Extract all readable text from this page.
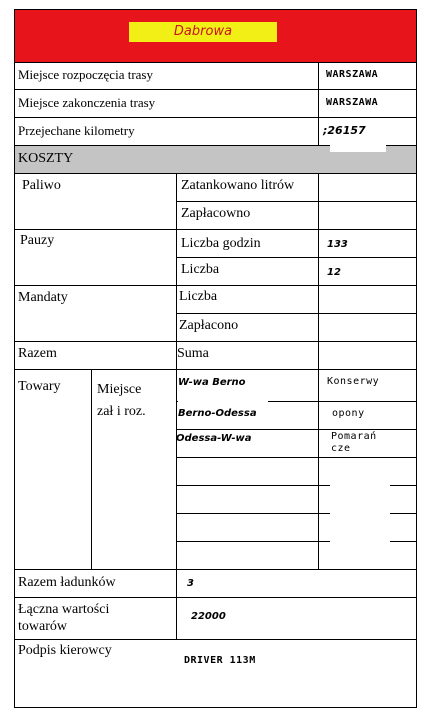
Dabrowa
Miejsce rozpoczęcia trasy	WARSZAWA
Miejsce zakonczenia trasy	WARSZAWA
Przejechane kilometry	;26157
KOSZTY
Paliwo	Zatankowano litrów
Zapłacowno
Pauzy	Liczba godzin	133
Liczba	12
Mandaty	Liczba
Zapłacono
Razem	Suma
Towary	Miejsce
zał i roz.
W-wa Berno	Konserwy
Berno-Odessa	opony
Odessa-W-wa	Pomarań
cze
Razem ładunków	3
Łączna wartości
towarów
22000
Podpis kierowcy
DRIVER 113M
